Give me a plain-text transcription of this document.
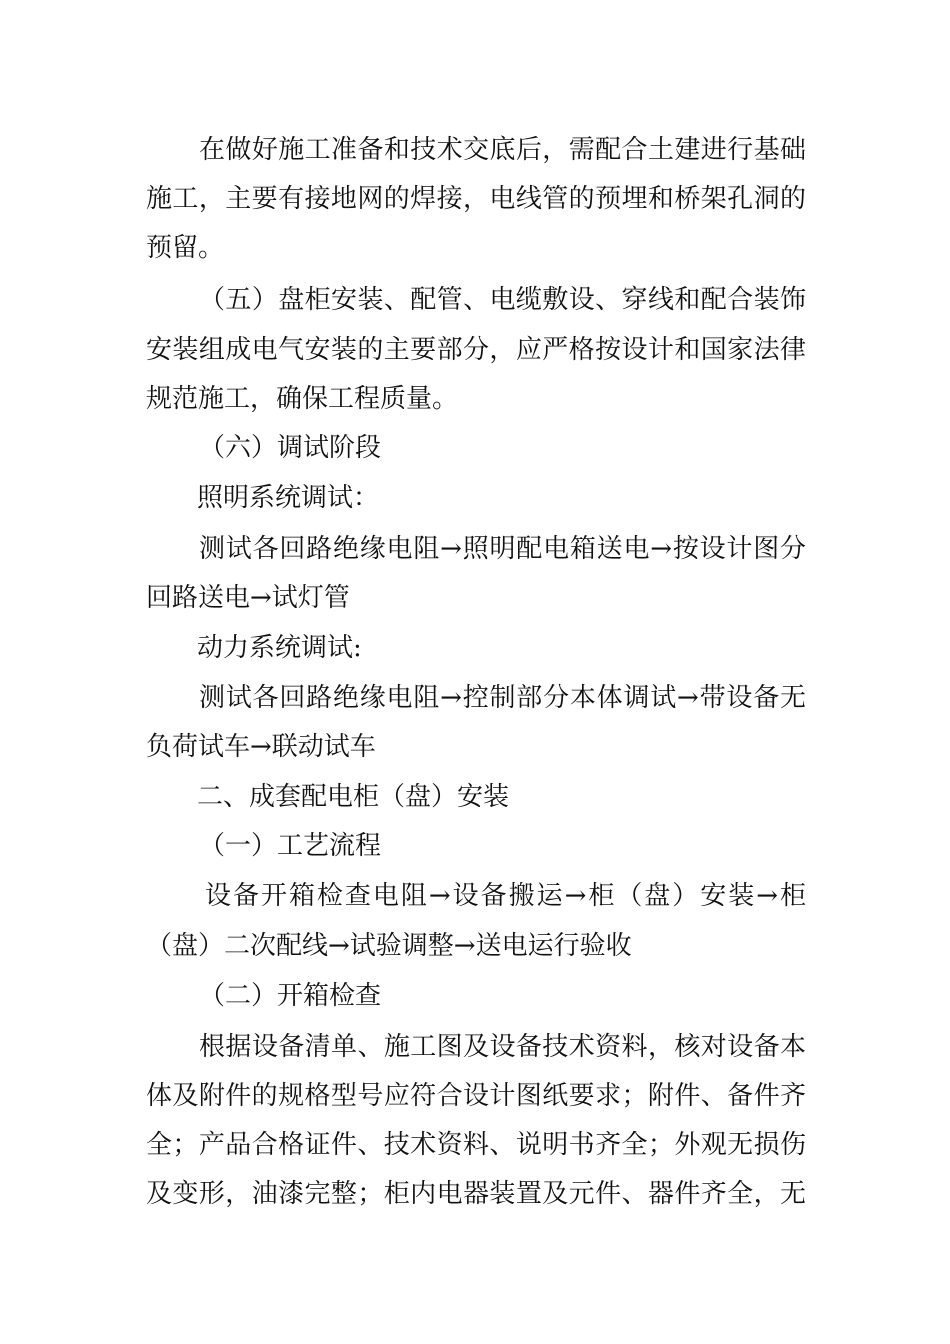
在做好施工准备和技术交底后，需配合土建进行基础

施工，主要有接地网的焊接，电线管的预埋和桥架孔洞的

预留。

（五）盘柜安装、配管、电缆敷设、穿线和配合装饰

安装组成电气安装的主要部分，应严格按设计和国家法律

规范施工，确保工程质量。

（六）调试阶段

照明系统调试：

测试各回路绝缘电阻→照明配电箱送电→按设计图分

回路送电→试灯管

动力系统调试:

测试各回路绝缘电阻→控制部分本体调试→带设备无

负荷试车→联动试车

二、成套配电柜（盘）安装

（一）工艺流程

设备开箱检查电阻→设备搬运→柜（盘）安装→柜

（盘）二次配线→试验调整→送电运行验收

（二）开箱检查

根据设备清单、施工图及设备技术资料，核对设备本

体及附件的规格型号应符合设计图纸要求；附件、备件齐

全；产品合格证件、技术资料、说明书齐全；外观无损伤

及变形，油漆完整；柜内电器装置及元件、器件齐全，无
